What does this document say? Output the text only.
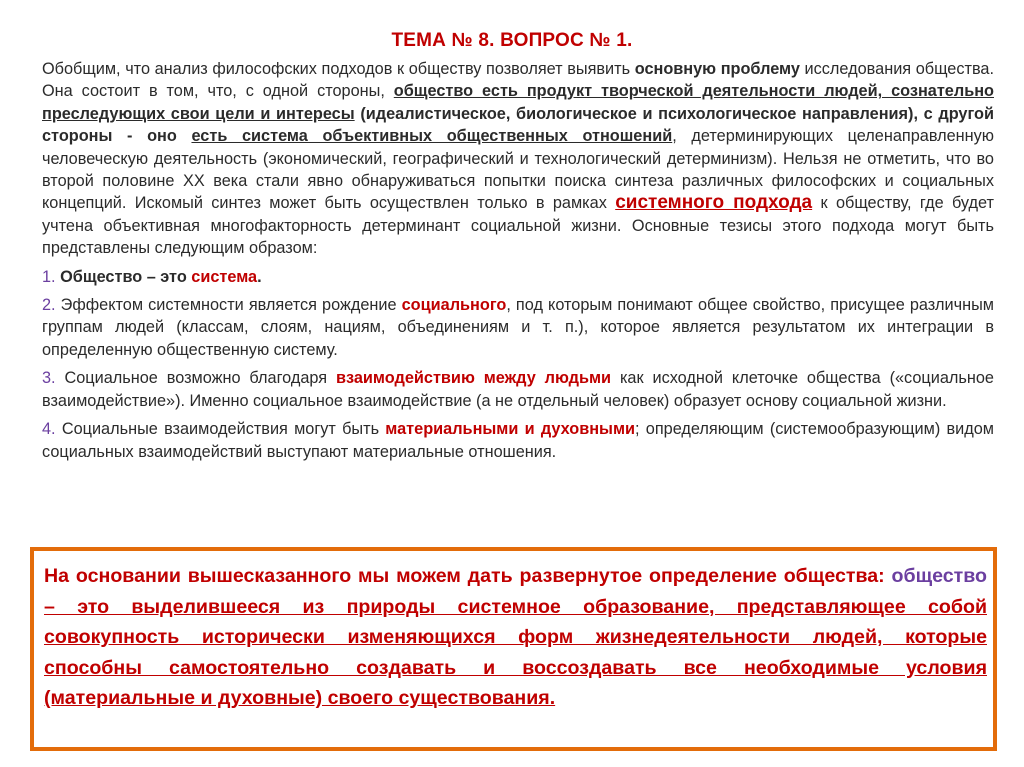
ТЕМА № 8. ВОПРОС № 1.

Обобщим, что анализ философских подходов к обществу позволяет выявить основную проблему исследования общества. Она состоит в том, что, с одной стороны, общество есть продукт творческой деятельности людей, сознательно преследующих свои цели и интересы (идеалистическое, биологическое и психологическое направления), с другой стороны - оно есть система объективных общественных отношений, детерминирующих целенаправленную человеческую деятельность (экономический, географический и технологический детерминизм). Нельзя не отметить, что во второй половине XX века стали явно обнаруживаться попытки поиска синтеза различных философских и социальных концепций. Искомый синтез может быть осуществлен только в рамках системного подхода к обществу, где будет учтена объективная многофакторность детерминант социальной жизни. Основные тезисы этого подхода могут быть представлены следующим образом:

1. Общество – это система.

2. Эффектом системности является рождение социального, под которым понимают общее свойство, присущее различным группам людей (классам, слоям, нациям, объединениям и т. п.), которое является результатом их интеграции в определенную общественную систему.

3. Социальное возможно благодаря взаимодействию между людьми как исходной клеточке общества («социальное взаимодействие»). Именно социальное взаимодействие (а не отдельный человек) образует основу социальной жизни.

4. Социальные взаимодействия могут быть материальными и духовными; определяющим (системообразующим) видом социальных взаимодействий выступают материальные отношения.

На основании вышесказанного мы можем дать развернутое определение общества: общество – это выделившееся из природы системное образование, представляющее собой совокупность исторически изменяющихся форм жизнедеятельности людей, которые способны самостоятельно создавать и воссоздавать все необходимые условия (материальные и духовные) своего существования.
